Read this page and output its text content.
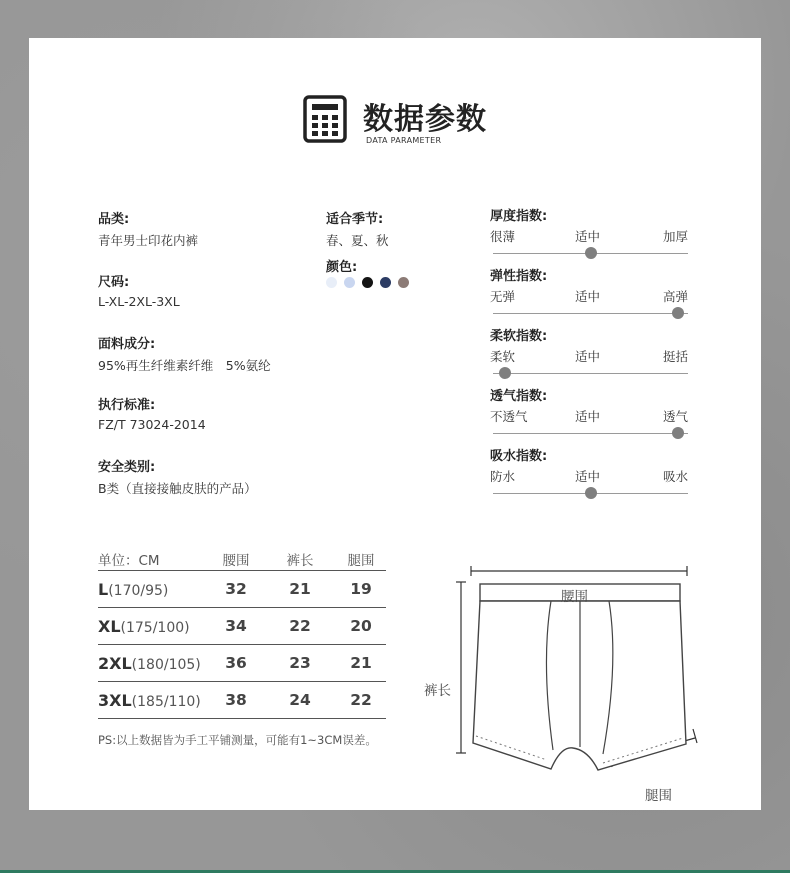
数据参数
DATA PARAMETER
品类:
青年男士印花内裤
尺码:
L-XL-2XL-3XL
面料成分:
95%再生纤维素纤维　5%氨纶
执行标准:
FZ/T 73024-2014
安全类别:
B类（直接接触皮肤的产品）
适合季节:
春、夏、秋
颜色:
厚度指数:
很薄	适中	加厚
弹性指数:
无弹	适中	高弹
柔软指数:
柔软	适中	挺括
透气指数:
不透气	适中	透气
吸水指数:
防水	适中	吸水
单位：CM	腰围	裤长	腿围
L(170/95)	32	21	19
XL(175/100)	34	22	20
2XL(180/105)	36	23	21
3XL(185/110)	38	24	22
PS:以上数据皆为手工平铺测量，可能有1~3CM误差。
腰围
裤长
腿围
